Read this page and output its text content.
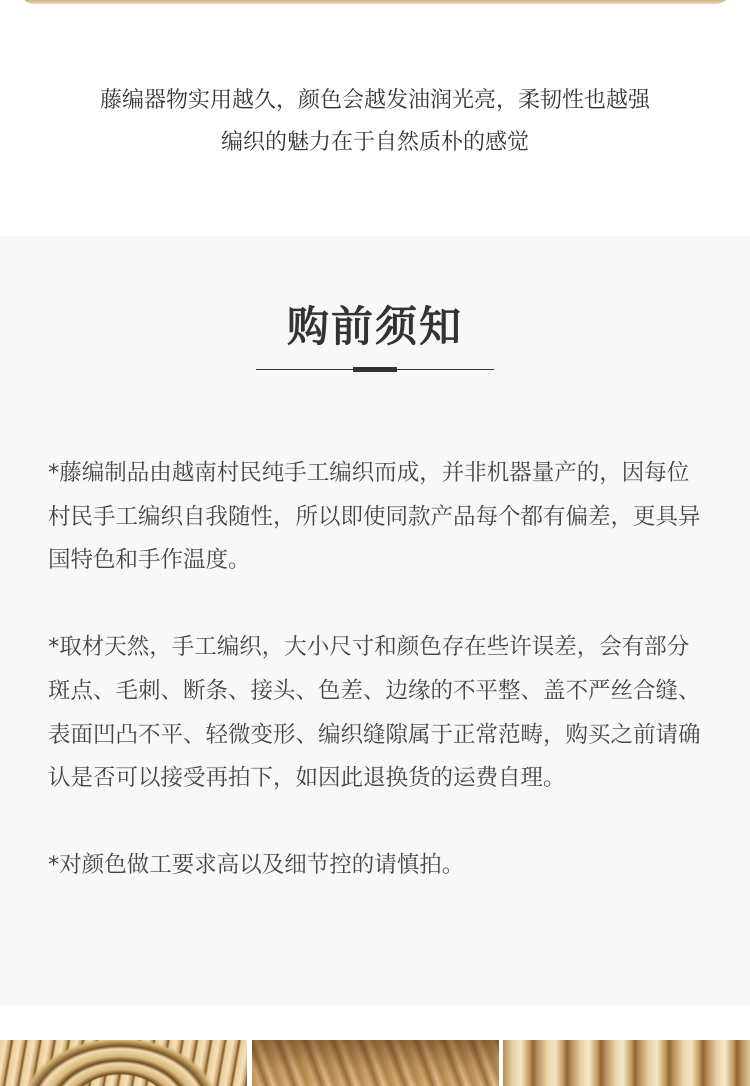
藤编器物实用越久，颜色会越发油润光亮，柔韧性也越强

编织的魅力在于自然质朴的感觉

购前须知

*藤编制品由越南村民纯手工编织而成，并非机器量产的，因每位村民手工编织自我随性，所以即使同款产品每个都有偏差，更具异国特色和手作温度。

*取材天然，手工编织，大小尺寸和颜色存在些许误差，会有部分斑点、毛刺、断条、接头、色差、边缘的不平整、盖不严丝合缝、表面凹凸不平、轻微变形、编织缝隙属于正常范畴，购买之前请确认是否可以接受再拍下，如因此退换货的运费自理。

*对颜色做工要求高以及细节控的请慎拍。
